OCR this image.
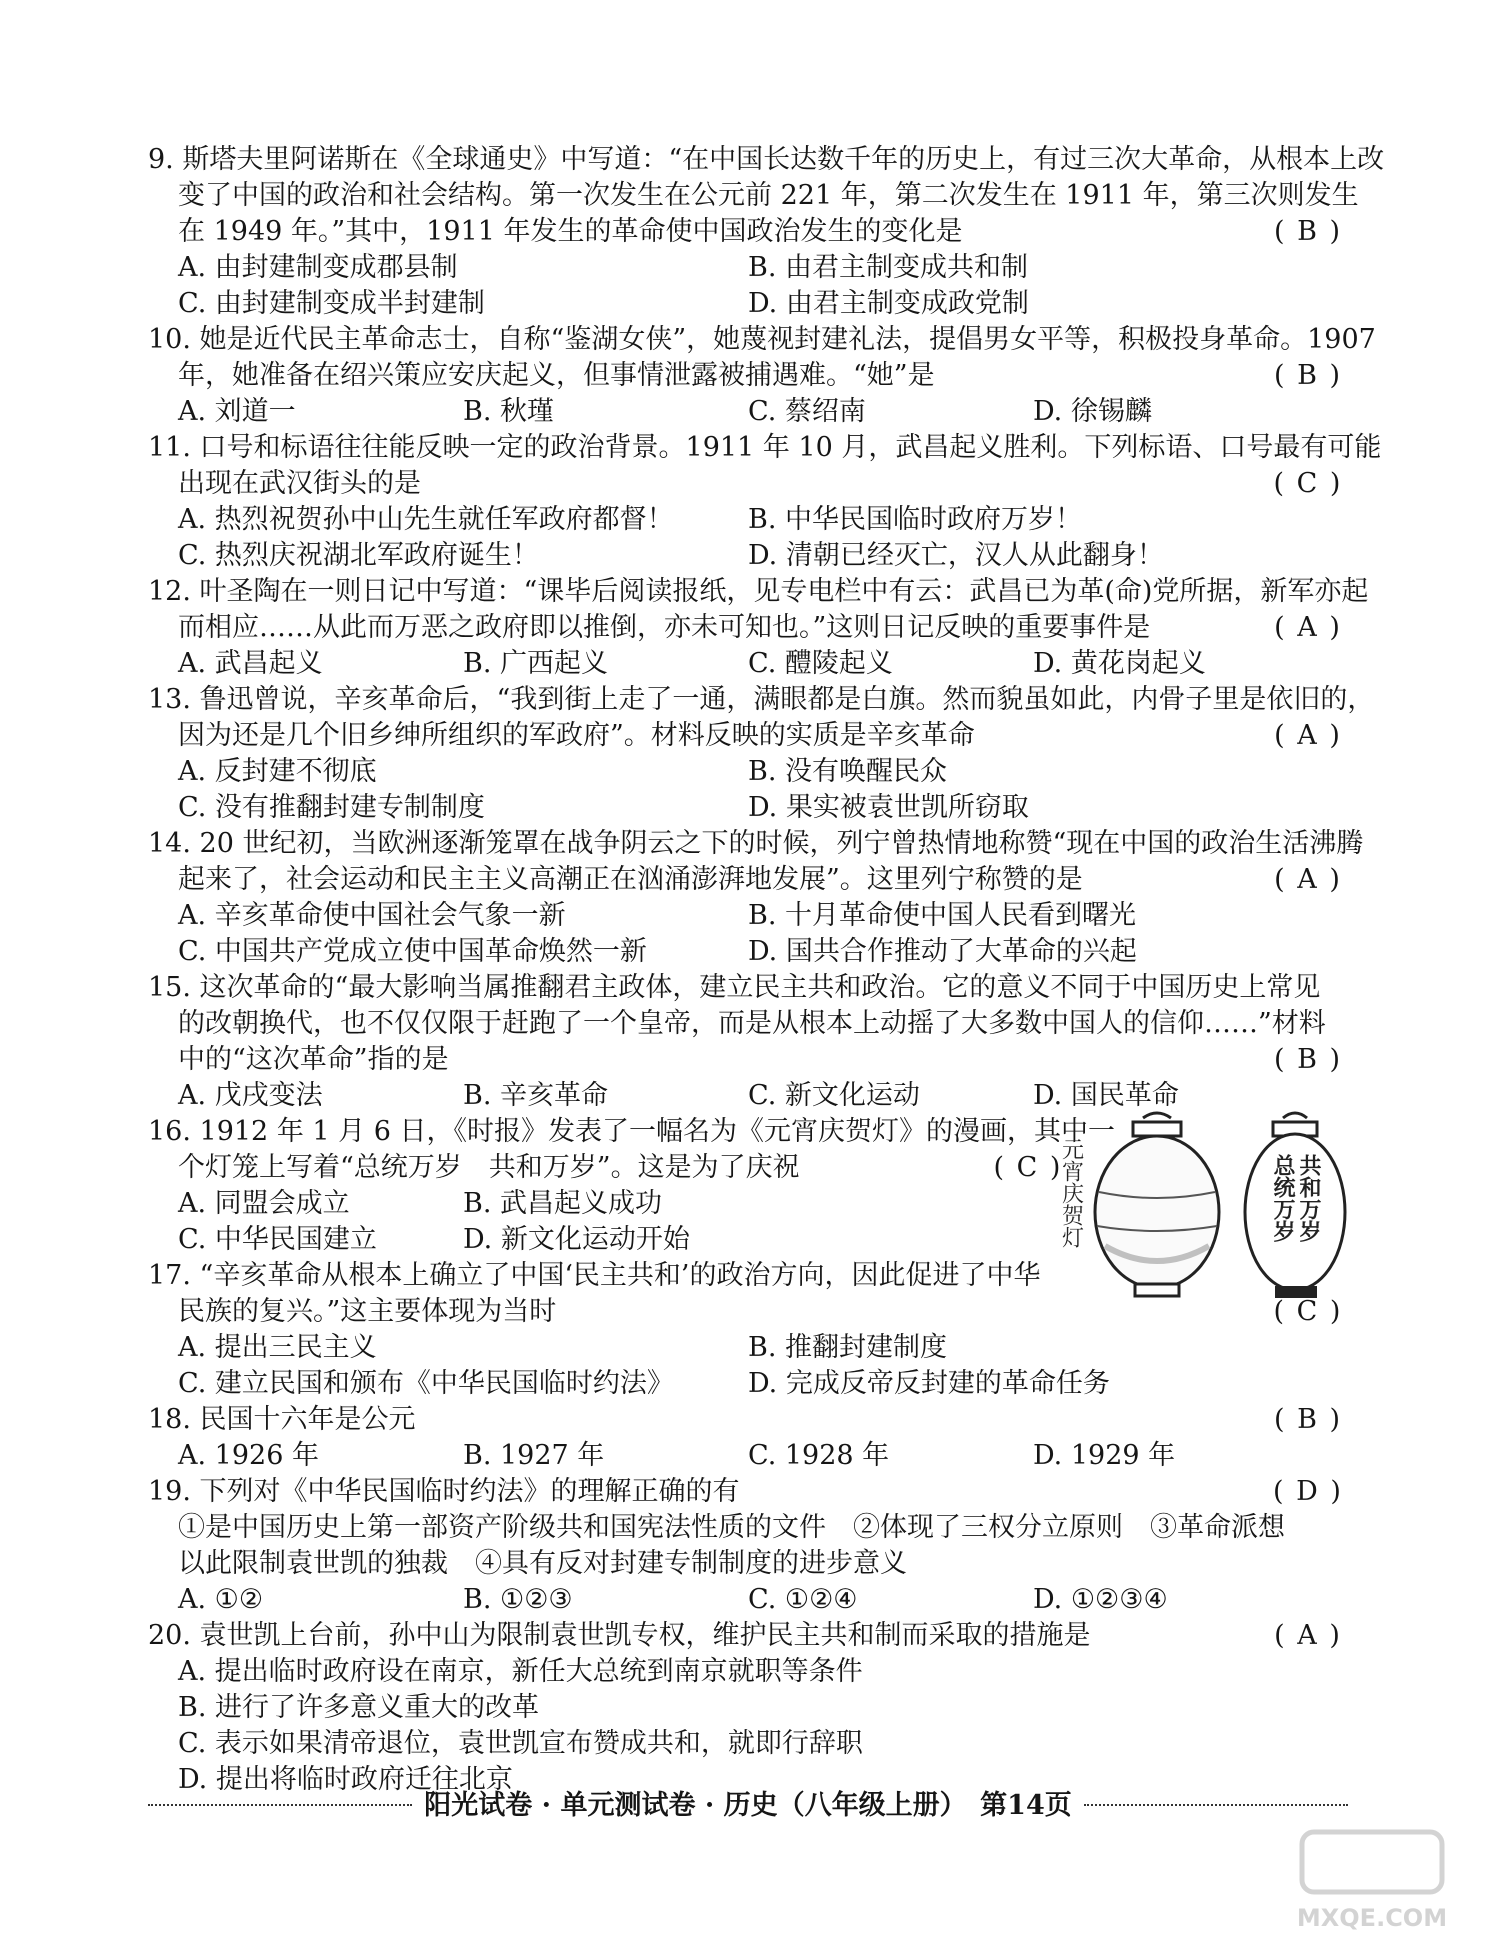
9. 斯塔夫里阿诺斯在《全球通史》中写道：“在中国长达数千年的历史上，有过三次大革命，从根本上改
变了中国的政治和社会结构。第一次发生在公元前 221 年，第二次发生在 1911 年，第三次则发生
在 1949 年。”其中，1911 年发生的革命使中国政治发生的变化是	( B )
A. 由封建制变成郡县制	B. 由君主制变成共和制
C. 由封建制变成半封建制	D. 由君主制变成政党制
10. 她是近代民主革命志士，自称“鉴湖女侠”，她蔑视封建礼法，提倡男女平等，积极投身革命。1907
年，她准备在绍兴策应安庆起义，但事情泄露被捕遇难。“她”是	( B )
A. 刘道一	B. 秋瑾	C. 蔡绍南	D. 徐锡麟
11. 口号和标语往往能反映一定的政治背景。1911 年 10 月，武昌起义胜利。下列标语、口号最有可能
出现在武汉街头的是	( C )
A. 热烈祝贺孙中山先生就任军政府都督！	B. 中华民国临时政府万岁！
C. 热烈庆祝湖北军政府诞生！	D. 清朝已经灭亡，汉人从此翻身！
12. 叶圣陶在一则日记中写道：“课毕后阅读报纸，见专电栏中有云：武昌已为革(命)党所据，新军亦起
而相应……从此而万恶之政府即以推倒，亦未可知也。”这则日记反映的重要事件是	( A )
A. 武昌起义	B. 广西起义	C. 醴陵起义	D. 黄花岗起义
13. 鲁迅曾说，辛亥革命后，“我到街上走了一通，满眼都是白旗。然而貌虽如此，内骨子里是依旧的，
因为还是几个旧乡绅所组织的军政府”。材料反映的实质是辛亥革命	( A )
A. 反封建不彻底	B. 没有唤醒民众
C. 没有推翻封建专制制度	D. 果实被袁世凯所窃取
14. 20 世纪初，当欧洲逐渐笼罩在战争阴云之下的时候，列宁曾热情地称赞“现在中国的政治生活沸腾
起来了，社会运动和民主主义高潮正在汹涌澎湃地发展”。这里列宁称赞的是	( A )
A. 辛亥革命使中国社会气象一新	B. 十月革命使中国人民看到曙光
C. 中国共产党成立使中国革命焕然一新	D. 国共合作推动了大革命的兴起
15. 这次革命的“最大影响当属推翻君主政体，建立民主共和政治。它的意义不同于中国历史上常见
的改朝换代，也不仅仅限于赶跑了一个皇帝，而是从根本上动摇了大多数中国人的信仰……”材料
中的“这次革命”指的是	( B )
A. 戊戌变法	B. 辛亥革命	C. 新文化运动	D. 国民革命
16. 1912 年 1 月 6 日，《时报》发表了一幅名为《元宵庆贺灯》的漫画，其中一
个灯笼上写着“总统万岁　共和万岁”。这是为了庆祝	( C )
A. 同盟会成立	B. 武昌起义成功
C. 中华民国建立	D. 新文化运动开始	元宵庆贺灯	共和万岁
总统万岁
17. “辛亥革命从根本上确立了中国‘民主共和’的政治方向，因此促进了中华
民族的复兴。”这主要体现为当时	( C )
A. 提出三民主义	B. 推翻封建制度
C. 建立民国和颁布《中华民国临时约法》	D. 完成反帝反封建的革命任务
18. 民国十六年是公元	( B )
A. 1926 年	B. 1927 年	C. 1928 年	D. 1929 年
19. 下列对《中华民国临时约法》的理解正确的有	( D )
①是中国历史上第一部资产阶级共和国宪法性质的文件　②体现了三权分立原则　③革命派想
以此限制袁世凯的独裁　④具有反对封建专制制度的进步意义
A. ①②	B. ①②③	C. ①②④	D. ①②③④
20. 袁世凯上台前，孙中山为限制袁世凯专权，维护民主共和制而采取的措施是	( A )
A. 提出临时政府设在南京，新任大总统到南京就职等条件
B. 进行了许多意义重大的改革
C. 表示如果清帝退位，袁世凯宣布赞成共和，就即行辞职
D. 提出将临时政府迁往北京
阳光试卷 · 单元测试卷 · 历史（八年级上册）　第14页
MXQE.COM
